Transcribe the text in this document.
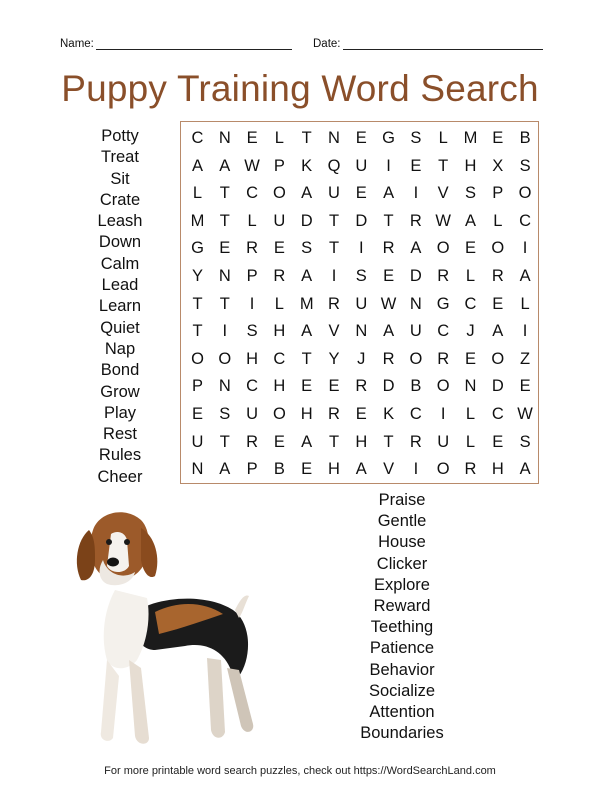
Name:	Date:
Puppy Training Word Search
Potty
Treat
Sit
Crate
Leash
Down
Calm
Lead
Learn
Quiet
Nap
Bond
Grow
Play
Rest
Rules
Cheer
C N E	L	T N E G S	L M E B
A A W P K Q U	I	E	T H X S
L	T C O A U E A	I	V S P O
M T	L	U D T D T R W A	L	C
G E R E S	T	I	R A O E O	I
Y N P R A	I	S E D R	L	R A
T	T	I	L M R U W N G C E	L
T	I	S H A V N A U C	J	A	I
O O H C T	Y	J	R O R E O Z
P N C H E E R D B O N D E
E S U O H R E K C	I	L	C W
U T R E A	T H T R U	L	E S
N A P B E H A V	I	O R H A
Praise
Gentle
House
Clicker
Explore
Reward
Teething
Patience
Behavior
Socialize
Attention
Boundaries
For more printable word search puzzles, check out https://WordSearchLand.com
